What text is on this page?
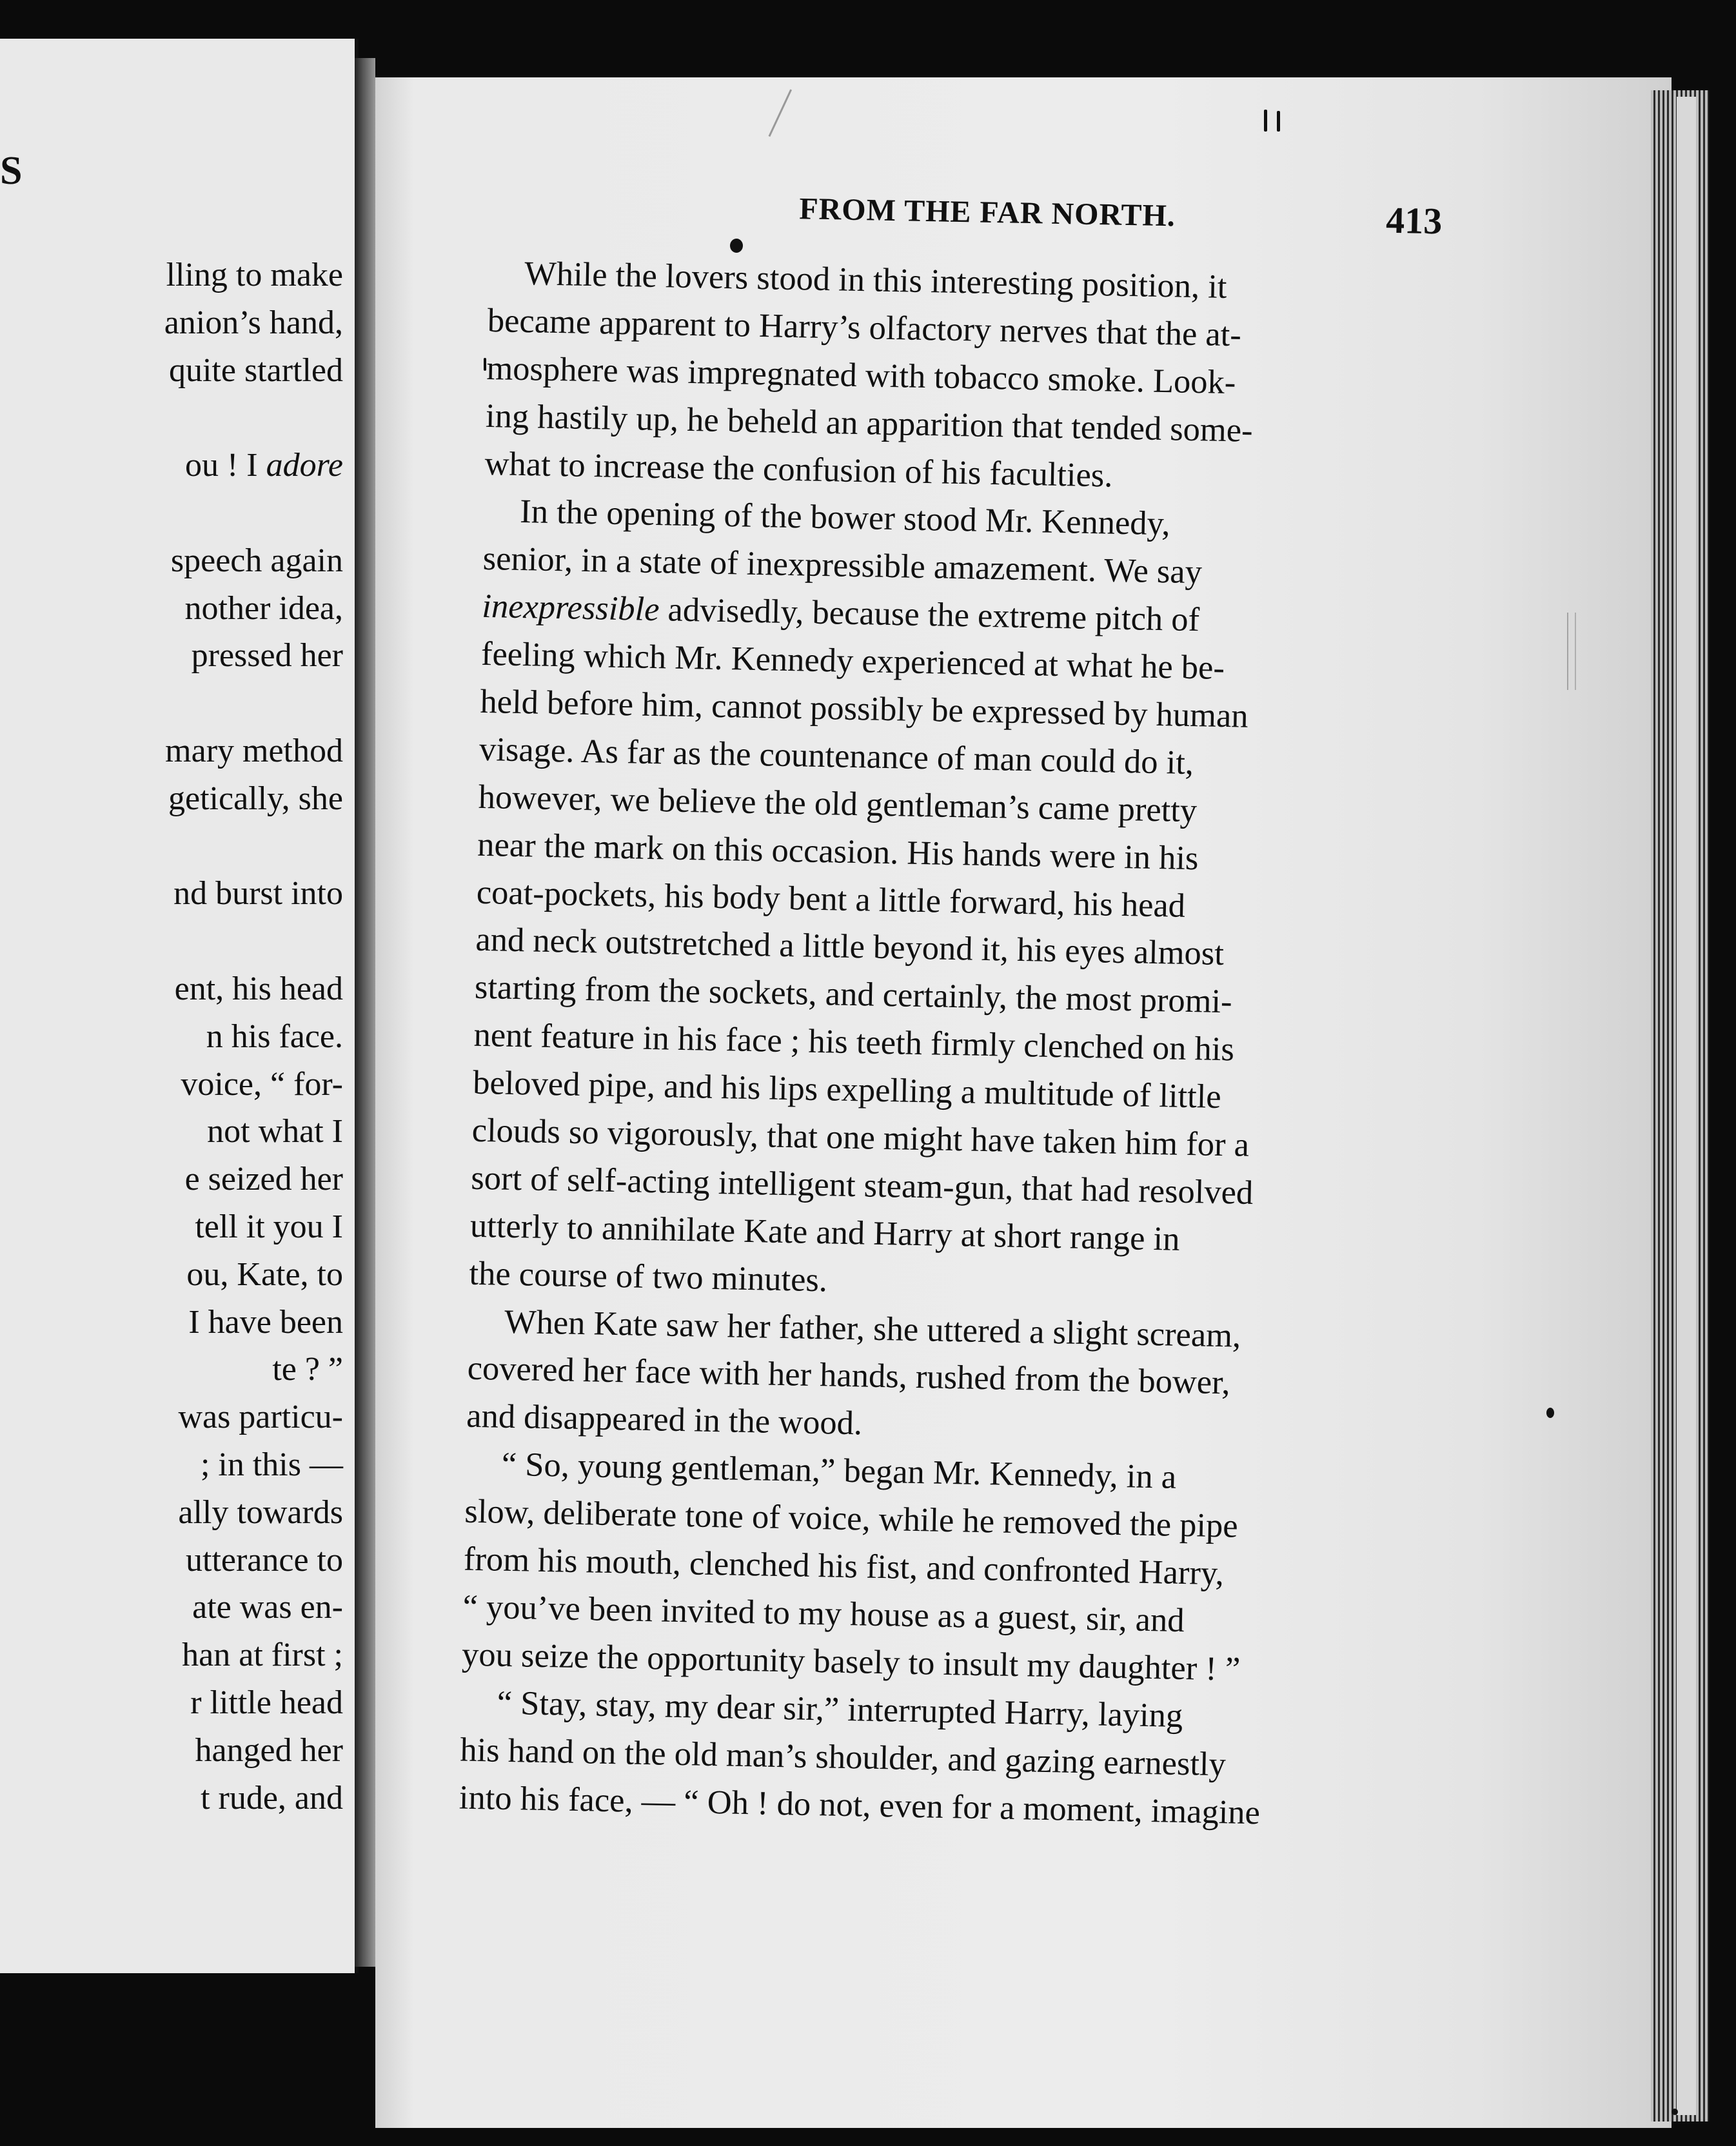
S
lling to make
anion’s hand,
quite startled
ou ! I adore
speech again
nother idea,
pressed her
mary method
getically, she
nd burst into
ent, his head
n his face.
voice, “ for-
not what I
e seized her
tell it you I
ou, Kate, to
I have been
te ? ”
was particu-
; in this —
ally towards
utterance to
ate was en-
han at first ;
r little head
hanged her
t rude, and
FROM THE FAR NORTH.	413
While the lovers stood in this interesting position, it
became apparent to Harry’s olfactory nerves that the at-
mosphere was impregnated with tobacco smoke. Look-
ing hastily up, he beheld an apparition that tended some-
what to increase the confusion of his faculties.
In the opening of the bower stood Mr. Kennedy,
senior, in a state of inexpressible amazement. We say
inexpressible advisedly, because the extreme pitch of
feeling which Mr. Kennedy experienced at what he be-
held before him, cannot possibly be expressed by human
visage. As far as the countenance of man could do it,
however, we believe the old gentleman’s came pretty
near the mark on this occasion. His hands were in his
coat-pockets, his body bent a little forward, his head
and neck outstretched a little beyond it, his eyes almost
starting from the sockets, and certainly, the most promi-
nent feature in his face ; his teeth firmly clenched on his
beloved pipe, and his lips expelling a multitude of little
clouds so vigorously, that one might have taken him for a
sort of self-acting intelligent steam-gun, that had resolved
utterly to annihilate Kate and Harry at short range in
the course of two minutes.
When Kate saw her father, she uttered a slight scream,
covered her face with her hands, rushed from the bower,
and disappeared in the wood.
“ So, young gentleman,” began Mr. Kennedy, in a
slow, deliberate tone of voice, while he removed the pipe
from his mouth, clenched his fist, and confronted Harry,
“ you’ve been invited to my house as a guest, sir, and
you seize the opportunity basely to insult my daughter ! ”
“ Stay, stay, my dear sir,” interrupted Harry, laying
his hand on the old man’s shoulder, and gazing earnestly
into his face, — “ Oh ! do not, even for a moment, imagine
